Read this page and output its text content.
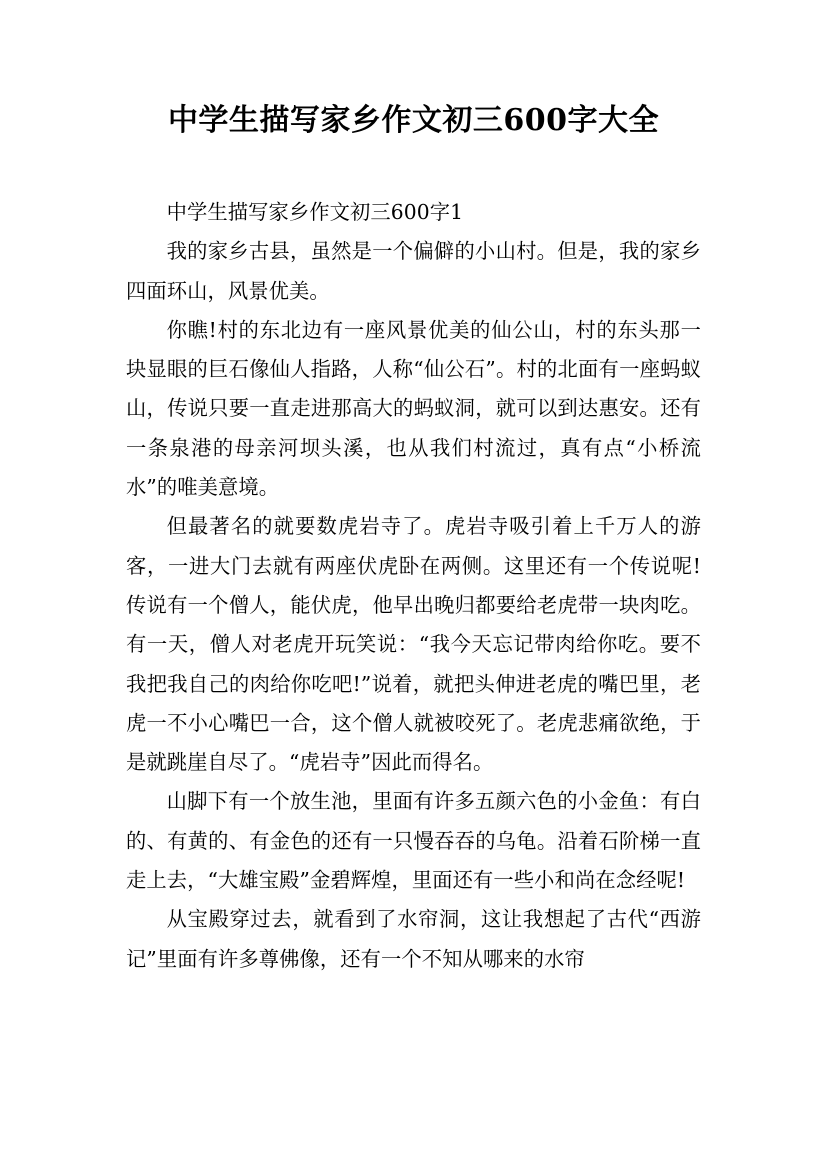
中学生描写家乡作文初三600字大全

中学生描写家乡作文初三600字1

我的家乡古县，虽然是一个偏僻的小山村。但是，我的家乡四面环山，风景优美。

你瞧!村的东北边有一座风景优美的仙公山，村的东头那一块显眼的巨石像仙人指路，人称“仙公石”。村的北面有一座蚂蚁山，传说只要一直走进那高大的蚂蚁洞，就可以到达惠安。还有一条泉港的母亲河坝头溪，也从我们村流过，真有点“小桥流水”的唯美意境。

但最著名的就要数虎岩寺了。虎岩寺吸引着上千万人的游客，一进大门去就有两座伏虎卧在两侧。这里还有一个传说呢!传说有一个僧人，能伏虎，他早出晚归都要给老虎带一块肉吃。有一天，僧人对老虎开玩笑说：“我今天忘记带肉给你吃。要不我把我自己的肉给你吃吧!”说着，就把头伸进老虎的嘴巴里，老虎一不小心嘴巴一合，这个僧人就被咬死了。老虎悲痛欲绝，于是就跳崖自尽了。“虎岩寺”因此而得名。

山脚下有一个放生池，里面有许多五颜六色的小金鱼：有白的、有黄的、有金色的还有一只慢吞吞的乌龟。沿着石阶梯一直走上去，“大雄宝殿”金碧辉煌，里面还有一些小和尚在念经呢!

从宝殿穿过去，就看到了水帘洞，这让我想起了古代“西游记”里面有许多尊佛像，还有一个不知从哪来的水帘
